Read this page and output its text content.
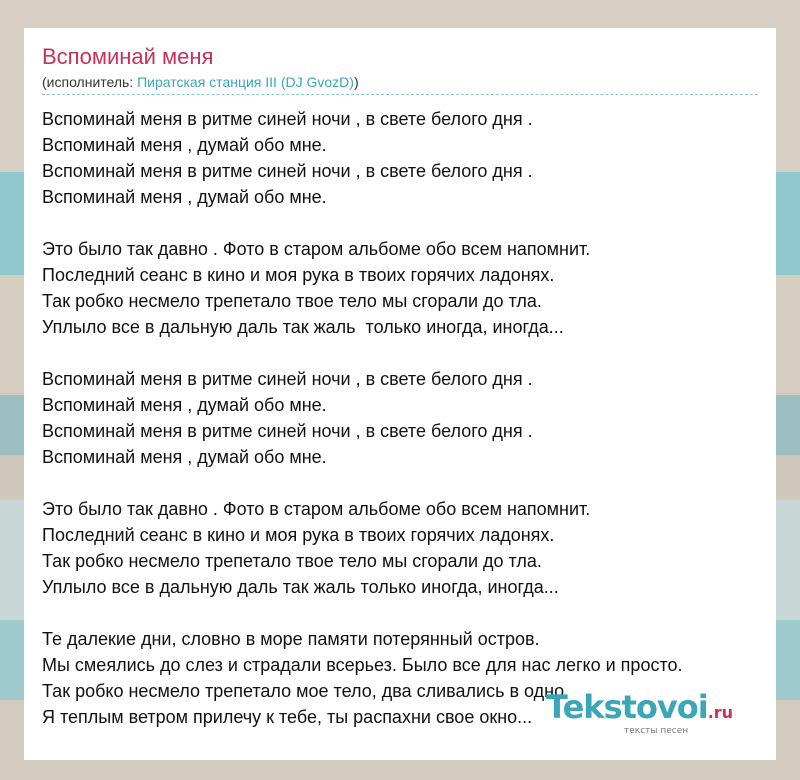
Вспоминай меня
(исполнитель: Пиратская станция III (DJ GvozD))
Вспоминай меня в ритме синей ночи , в свете белого дня .
Вспоминай меня , думай обо мне.
Вспоминай меня в ритме синей ночи , в свете белого дня .
Вспоминай меня , думай обо мне.
Это было так давно . Фото в старом альбоме обо всем напомнит.
Последний сеанс в кино и моя рука в твоих горячих ладонях.
Так робко несмело трепетало твое тело мы сгорали до тла.
Уплыло все в дальную даль так жаль  только иногда, иногда...
Вспоминай меня в ритме синей ночи , в свете белого дня .
Вспоминай меня , думай обо мне.
Вспоминай меня в ритме синей ночи , в свете белого дня .
Вспоминай меня , думай обо мне.
Это было так давно . Фото в старом альбоме обо всем напомнит.
Последний сеанс в кино и моя рука в твоих горячих ладонях.
Так робко несмело трепетало твое тело мы сгорали до тла.
Уплыло все в дальную даль так жаль только иногда, иногда...
Те далекие дни, словно в море памяти потерянный остров.
Мы смеялись до слез и страдали всерьез. Было все для нас легко и просто.
Так робко несмело трепетало мое тело, два сливались в одно.
Я теплым ветром прилечу к тебе, ты распахни свое окно... Tekstovoi.ru
тексты песен
